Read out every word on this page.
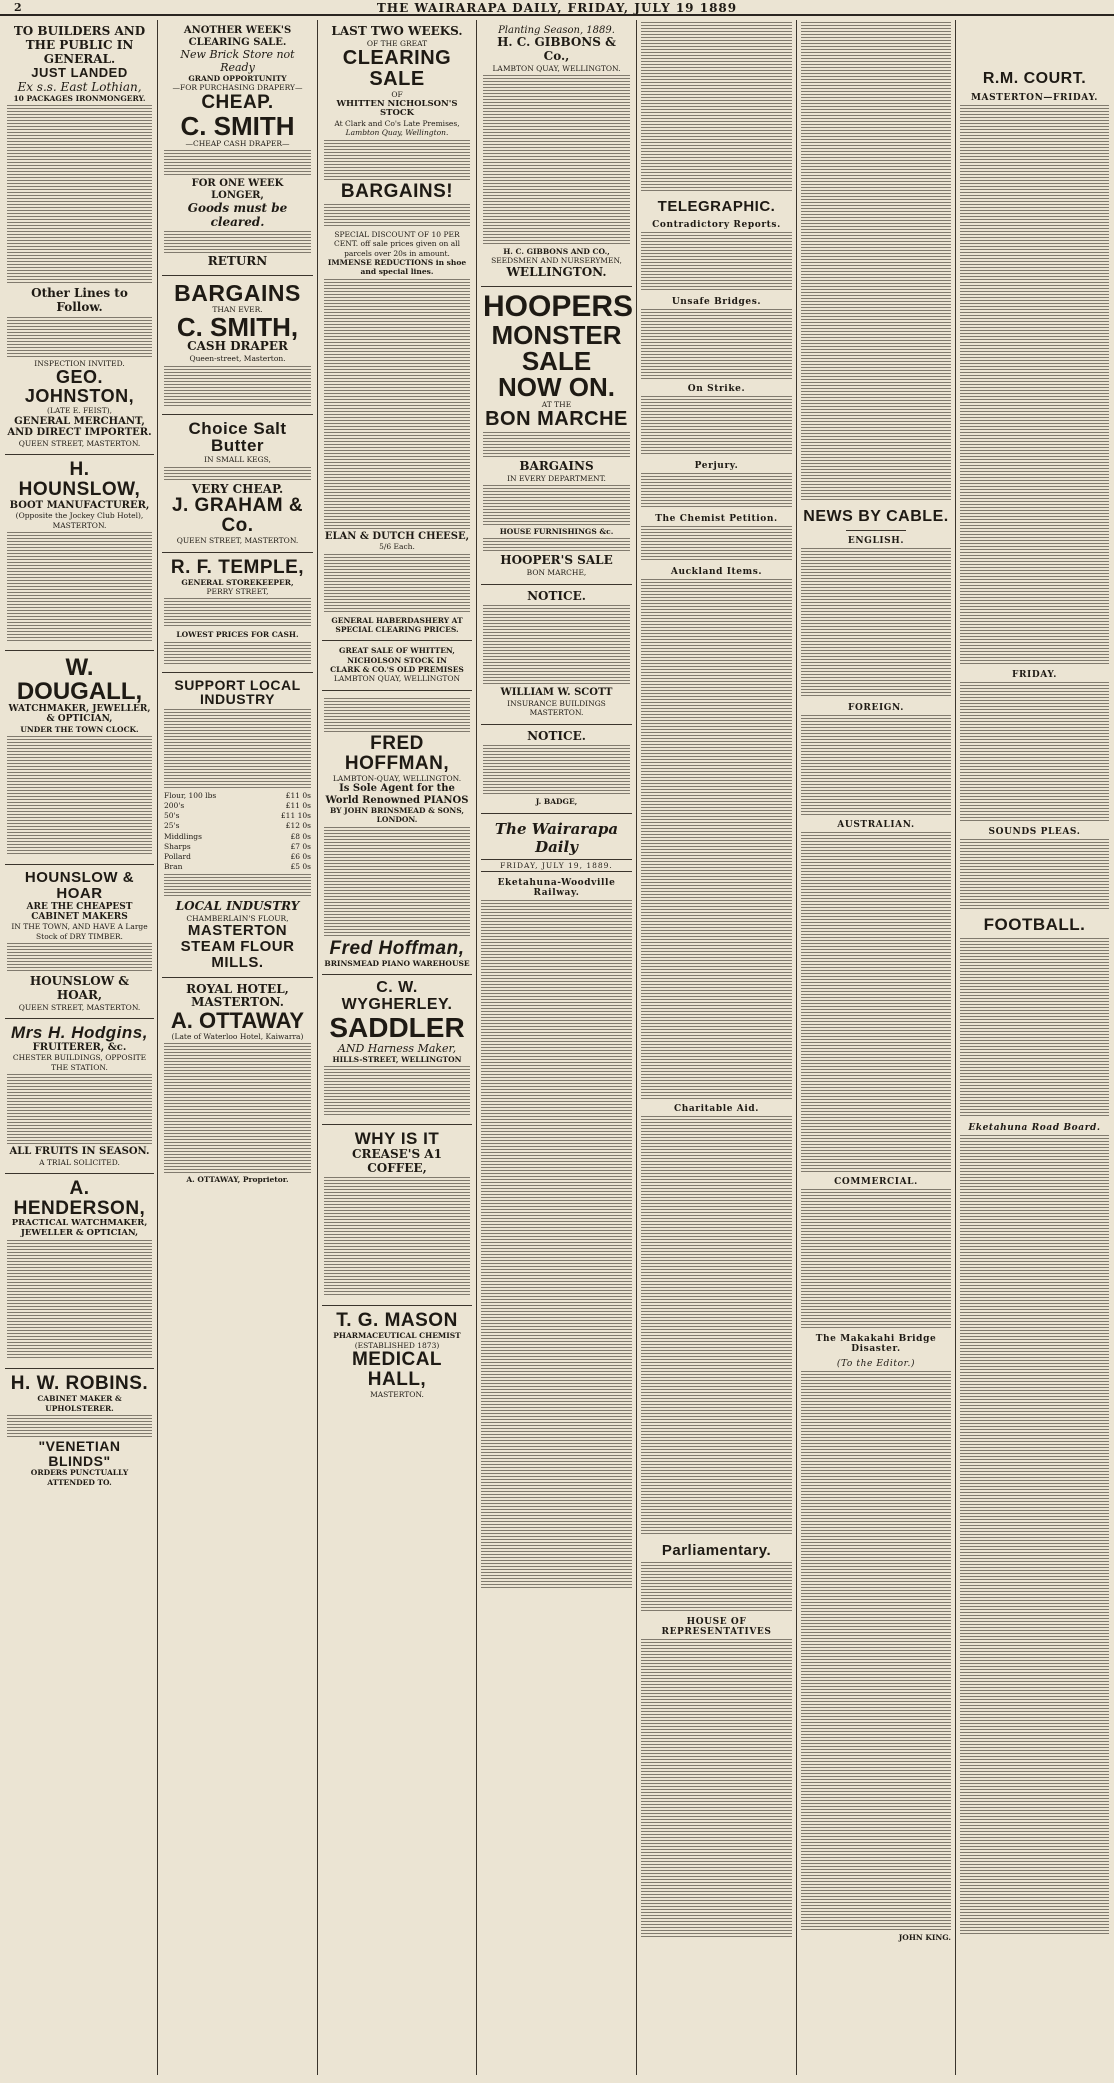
2	THE WAIRARAPA DAILY, FRIDAY, JULY 19 1889
TO BUILDERS AND THE PUBLIC IN GENERAL.
JUST LANDED
Ex s.s. East Lothian,
10 PACKAGES IRONMONGERY.
Other Lines to Follow.
INSPECTION INVITED.
GEO. JOHNSTON,
(LATE E. FEIST),
GENERAL MERCHANT, AND DIRECT IMPORTER.
QUEEN STREET, MASTERTON.
H. HOUNSLOW,
BOOT MANUFACTURER,
(Opposite the Jockey Club Hotel), MASTERTON.
W. DOUGALL,
WATCHMAKER, JEWELLER, & OPTICIAN,
UNDER THE TOWN CLOCK.
HOUNSLOW & HOAR
ARE THE CHEAPEST CABINET MAKERS
IN THE TOWN, AND HAVE A Large Stock of DRY TIMBER.
HOUNSLOW & HOAR,
QUEEN STREET, MASTERTON.
Mrs H. Hodgins,
FRUITERER, &c.
CHESTER BUILDINGS, OPPOSITE THE STATION.
ALL FRUITS IN SEASON.
A TRIAL SOLICITED.
A. HENDERSON,
PRACTICAL WATCHMAKER, JEWELLER & OPTICIAN,
H. W. ROBINS.
CABINET MAKER & UPHOLSTERER.
"VENETIAN BLINDS"
ORDERS PUNCTUALLY ATTENDED TO.
ANOTHER WEEK'S CLEARING SALE.
New Brick Store not Ready
GRAND OPPORTUNITY
—FOR PURCHASING DRAPERY—
CHEAP.
C. SMITH
—CHEAP CASH DRAPER—
FOR ONE WEEK LONGER,
Goods must be cleared.
RETURN
BARGAINS
THAN EVER.
C. SMITH,
CASH DRAPER
Queen-street, Masterton.
Choice Salt Butter
IN SMALL KEGS,
VERY CHEAP.
J. GRAHAM & Co.
QUEEN STREET, MASTERTON.
R. F. TEMPLE,
GENERAL STOREKEEPER,
PERRY STREET,
LOWEST PRICES FOR CASH.
SUPPORT LOCAL INDUSTRY
Flour, 100 lbs	£11 0s
200's	£11 0s
50's	£11 10s
25's	£12 0s
Middlings	£8 0s
Sharps	£7 0s
Pollard	£6 0s
Bran	£5 0s
LOCAL INDUSTRY
CHAMBERLAIN'S FLOUR,
MASTERTON STEAM FLOUR MILLS.
ROYAL HOTEL, MASTERTON.
A. OTTAWAY
(Late of Waterloo Hotel, Kaiwarra)
A. OTTAWAY, Proprietor.
LAST TWO WEEKS.
OF THE GREAT
CLEARING SALE
OF
WHITTEN NICHOLSON'S STOCK
At Clark and Co's Late Premises,
Lambton Quay, Wellington.
BARGAINS!
SPECIAL DISCOUNT OF 10 PER CENT. off sale prices given on all parcels over 20s in amount.
IMMENSE REDUCTIONS in shoe and special lines.
ELAN & DUTCH CHEESE,
5/6 Each.
GENERAL HABERDASHERY AT SPECIAL CLEARING PRICES.
GREAT SALE OF WHITTEN, NICHOLSON STOCK IN
CLARK & CO.'S OLD PREMISES
LAMBTON QUAY, WELLINGTON
FRED HOFFMAN,
LAMBTON-QUAY, WELLINGTON.
Is Sole Agent for the World Renowned PIANOS
BY JOHN BRINSMEAD & SONS, LONDON.
Fred Hoffman,
BRINSMEAD PIANO WAREHOUSE
C. W. WYGHERLEY.
SADDLER
AND Harness Maker,
HILLS-STREET, WELLINGTON
WHY IS IT
CREASE'S A1 COFFEE,
T. G. MASON
PHARMACEUTICAL CHEMIST
(ESTABLISHED 1873)
MEDICAL HALL,
MASTERTON.
Planting Season, 1889.
H. C. GIBBONS & Co.,
LAMBTON QUAY, WELLINGTON.
H. C. GIBBONS AND CO.,
SEEDSMEN AND NURSERYMEN,
WELLINGTON.
HOOPERS
MONSTER
SALE
NOW ON.
AT THE
BON MARCHE
BARGAINS
IN EVERY DEPARTMENT.
HOUSE FURNISHINGS &c.
HOOPER'S SALE
BON MARCHE,
NOTICE.
WILLIAM W. SCOTT
INSURANCE BUILDINGS
MASTERTON.
NOTICE.
J. BADGE,
The Wairarapa Daily
FRIDAY, JULY 19, 1889.
Eketahuna-Woodville Railway.
TELEGRAPHIC.
Contradictory Reports.
Unsafe Bridges.
On Strike.
Perjury.
The Chemist Petition.
Auckland Items.
Charitable Aid.
Parliamentary.
HOUSE OF REPRESENTATIVES
NEWS BY CABLE.
ENGLISH.
FOREIGN.
AUSTRALIAN.
COMMERCIAL.
The Makakahi Bridge Disaster.
(To the Editor.)
JOHN KING.
R.M. COURT.
MASTERTON—FRIDAY.
FRIDAY.
SOUNDS PLEAS.
FOOTBALL.
Eketahuna Road Board.
